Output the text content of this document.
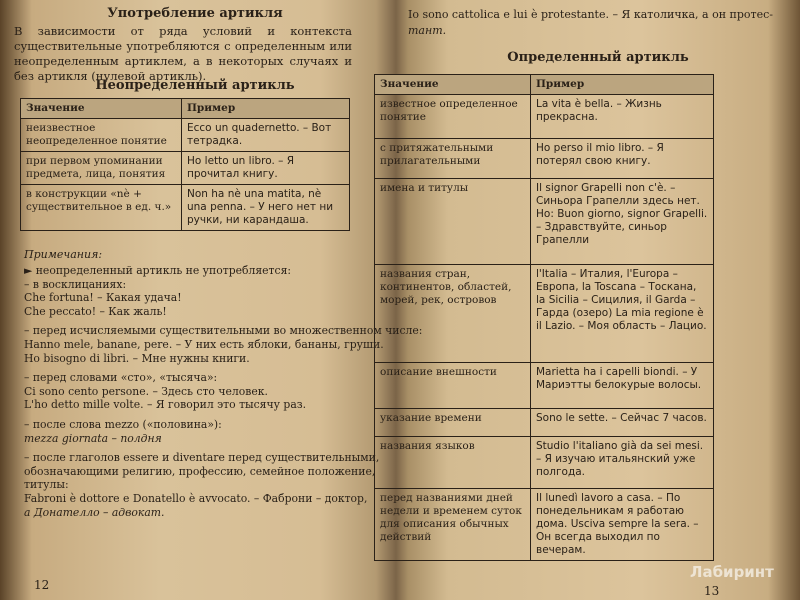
Употребление артикля
В зависимости от ряда условий и контекста существительные употребляются с определенным или неопределенным артиклем, а в некоторых случаях и без артикля (нулевой артикль).
Неопределенный артикль
Значение	Пример
неизвестное неопределенное понятие	Ecco un quadernetto. – Вот тетрадка.
при первом упоминании предмета, лица, понятия	Ho letto un libro. – Я прочитал книгу.
в конструкции «nè + существительное в ед. ч.»	Non ha nè una matita, nè una penna. – У него нет ни ручки, ни карандаша.
Примечания:
► неопределенный артикль не употребляется:
– в восклицаниях:
Che fortuna! – Какая удача!
Che peccato! – Как жаль!
– перед исчисляемыми существительными во множественном числе:
Hanno mele, banane, pere. – У них есть яблоки, бананы, груши.
Ho bisogno di libri. – Мне нужны книги.
– перед словами «сто», «тысяча»:
Ci sono cento persone. – Здесь сто человек.
L'ho detto mille volte. – Я говорил это тысячу раз.
– после слова mezzo («половина»):
mezza giornata – полдня
– после глаголов essere и diventare перед существительными,
обозначающими религию, профессию, семейное положение,
титулы:
Fabroni è dottore e Donatello è avvocato. – Фаброни – доктор,
а Донателло – адвокат.
12
Io sono cattolica e lui è protestante. – Я католичка, а он протес-
тант.
Определенный артикль
Значение	Пример
известное определенное понятие	La vita è bella. – Жизнь прекрасна.
с притяжательными прилагательными	Ho perso il mio libro. – Я потерял свою книгу.
имена и титулы	Il signor Grapelli non c'è. – Синьора Грапелли здесь нет. Ho: Buon giorno, signor Grapelli. – Здравствуйте, синьор Грапелли
названия стран, континентов, областей, морей, рек, островов	l'Italia – Италия, l'Europa – Европа, la Toscana – Тоскана, la Sicilia – Сицилия, il Garda – Гарда (озеро) La mia regione è il Lazio. – Моя область – Лацио.
описание внешности	Marietta ha i capelli biondi. – У Мариэтты белокурые волосы.
указание времени	Sono le sette. – Сейчас 7 часов.
названия языков	Studio l'italiano già da sei mesi. – Я изучаю итальянский уже полгода.
перед названиями дней недели и временем суток для описания обычных действий	Il lunedì lavoro a casa. – По понедельникам я работаю дома. Usciva sempre la sera. – Он всегда выходил по вечерам.
13
Лабиринт
